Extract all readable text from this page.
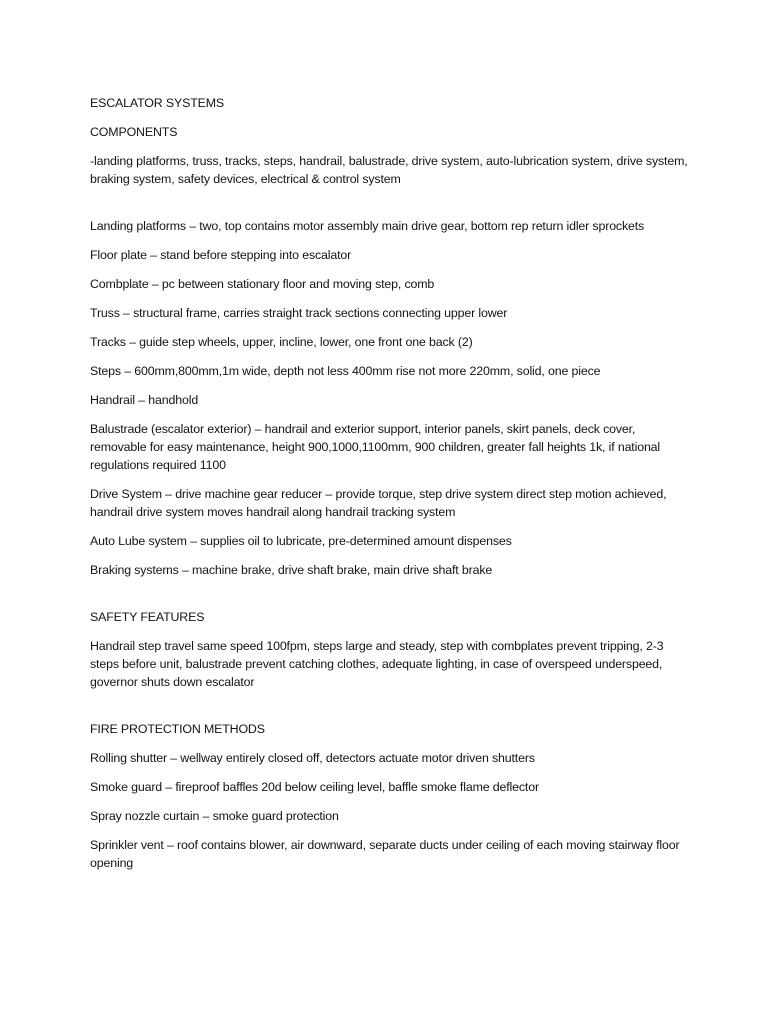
ESCALATOR SYSTEMS

COMPONENTS

-landing platforms, truss, tracks, steps, handrail, balustrade, drive system, auto-lubrication system, drive system, braking system, safety devices, electrical & control system

Landing platforms – two, top contains motor assembly main drive gear, bottom rep return idler sprockets

Floor plate – stand before stepping into escalator

Combplate – pc between stationary floor and moving step, comb

Truss – structural frame, carries straight track sections connecting upper lower

Tracks – guide step wheels, upper, incline, lower, one front one back (2)

Steps – 600mm,800mm,1m wide, depth not less 400mm rise not more 220mm, solid, one piece

Handrail – handhold

Balustrade (escalator exterior) – handrail and exterior support, interior panels, skirt panels, deck cover, removable for easy maintenance, height 900,1000,1100mm, 900 children, greater fall heights 1k, if national regulations required 1100

Drive System – drive machine gear reducer – provide torque, step drive system direct step motion achieved, handrail drive system moves handrail along handrail tracking system

Auto Lube system – supplies oil to lubricate, pre-determined amount dispenses

Braking systems – machine brake, drive shaft brake, main drive shaft brake

SAFETY FEATURES

Handrail step travel same speed 100fpm, steps large and steady, step with combplates prevent tripping, 2-3 steps before unit, balustrade prevent catching clothes, adequate lighting, in case of overspeed underspeed, governor shuts down escalator

FIRE PROTECTION METHODS

Rolling shutter – wellway entirely closed off, detectors actuate motor driven shutters

Smoke guard – fireproof baffles 20d below ceiling level, baffle smoke flame deflector

Spray nozzle curtain – smoke guard protection

Sprinkler vent – roof contains blower, air downward, separate ducts under ceiling of each moving stairway floor opening
